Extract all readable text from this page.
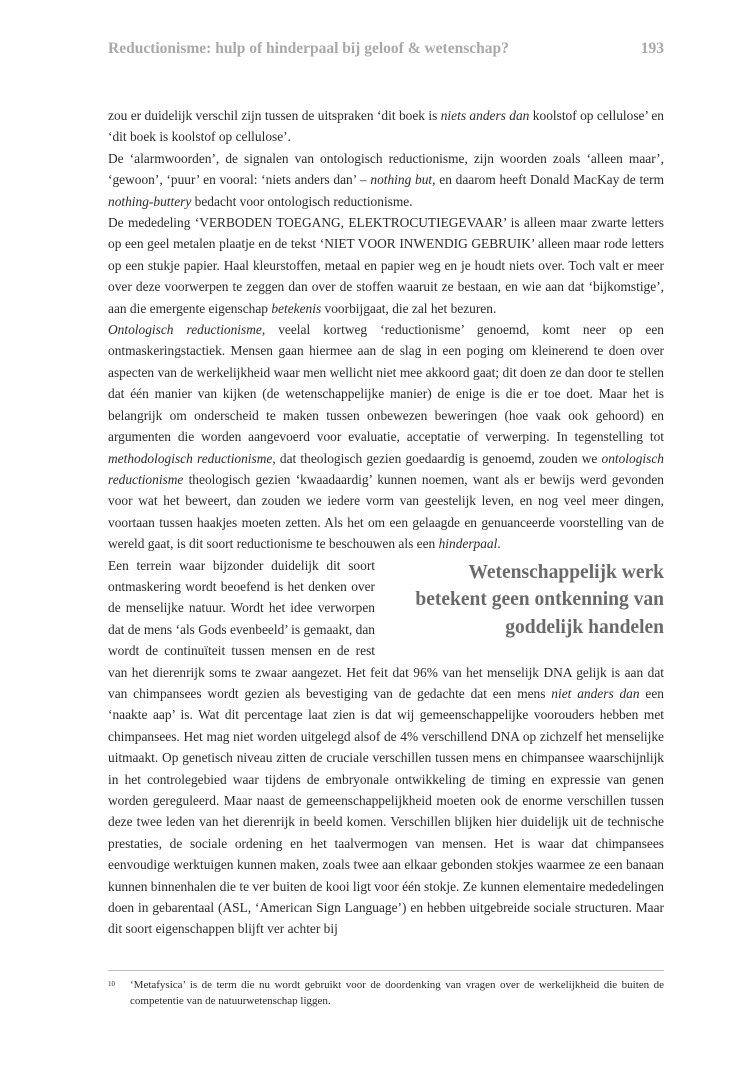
Reductionisme: hulp of hinderpaal bij geloof & wetenschap?	193

zou er duidelijk verschil zijn tussen de uitspraken ‘dit boek is niets anders dan koolstof op cellulose’ en ‘dit boek is koolstof op cellulose’.

De ‘alarmwoorden’, de signalen van ontologisch reductionisme, zijn woorden zoals ‘alleen maar’, ‘gewoon’, ‘puur’ en vooral: ‘niets anders dan’ – nothing but, en daarom heeft Donald MacKay de term nothing-buttery bedacht voor ontologisch reductionisme.

De mededeling ‘VERBODEN TOEGANG, ELEKTROCUTIEGEVAAR’ is alleen maar zwarte letters op een geel metalen plaatje en de tekst ‘NIET VOOR INWENDIG GEBRUIK’ alleen maar rode letters op een stukje papier. Haal kleurstoffen, metaal en papier weg en je houdt niets over. Toch valt er meer over deze voorwerpen te zeggen dan over de stoffen waaruit ze bestaan, en wie aan dat ‘bijkomstige’, aan die emergente eigenschap betekenis voorbijgaat, die zal het bezuren.

Ontologisch reductionisme, veelal kortweg ‘reductionisme’ genoemd, komt neer op een ontmaskeringstactiek. Mensen gaan hiermee aan de slag in een poging om kleinerend te doen over aspecten van de werkelijkheid waar men wellicht niet mee akkoord gaat; dit doen ze dan door te stellen dat één manier van kijken (de wetenschappelijke manier) de enige is die er toe doet. Maar het is belangrijk om onderscheid te maken tussen onbewezen beweringen (hoe vaak ook gehoord) en argumenten die worden aangevoerd voor evaluatie, acceptatie of verwerping. In tegenstelling tot methodologisch reductionisme, dat theologisch gezien goedaardig is genoemd, zouden we ontologisch reductionisme theologisch gezien ‘kwaadaardig’ kunnen noemen, want als er bewijs werd gevonden voor wat het beweert, dan zouden we iedere vorm van geestelijk leven, en nog veel meer dingen, voortaan tussen haakjes moeten zetten. Als het om een gelaagde en genuanceerde voorstelling van de wereld gaat, is dit soort reductionisme te beschouwen als een
Wetenschappelijk werk
betekent geen ontkenning van
goddelijk handelen
hinderpaal.

Een terrein waar bijzonder duidelijk dit soort ontmaskering wordt beoefend is het denken over de menselijke natuur. Wordt het idee verworpen dat de mens ‘als Gods evenbeeld’ is gemaakt, dan wordt de continuïteit tussen mensen en de rest van het dierenrijk soms te zwaar aangezet. Het feit dat 96% van het menselijk DNA gelijk is aan dat van chimpansees wordt gezien als bevestiging van de gedachte dat een mens niet anders dan een ‘naakte aap’ is. Wat dit percentage laat zien is dat wij gemeenschappelijke voorouders hebben met chimpansees. Het mag niet worden uitgelegd alsof de 4% verschillend DNA op zichzelf het menselijke uitmaakt. Op genetisch niveau zitten de cruciale verschillen tussen mens en chimpansee waarschijnlijk in het controlegebied waar tijdens de embryonale ontwikkeling de timing en expressie van genen worden gereguleerd. Maar naast de gemeenschappelijkheid moeten ook de enorme verschillen tussen deze twee leden van het dierenrijk in beeld komen. Verschillen blijken hier duidelijk uit de technische prestaties, de sociale ordening en het taalvermogen van mensen. Het is waar dat chimpansees eenvoudige werktuigen kunnen maken, zoals twee aan elkaar gebonden stokjes waarmee ze een banaan kunnen binnenhalen die te ver buiten de kooi ligt voor één stokje. Ze kunnen elementaire mededelingen doen in gebarentaal (ASL, ‘American Sign Language’) en hebben uitgebreide sociale structuren. Maar dit soort eigenschappen blijft ver achter bij

10 ‘Metafysica’ is de term die nu wordt gebruikt voor de doordenking van vragen over de werkelijkheid die buiten de competentie van de natuurwetenschap liggen.
